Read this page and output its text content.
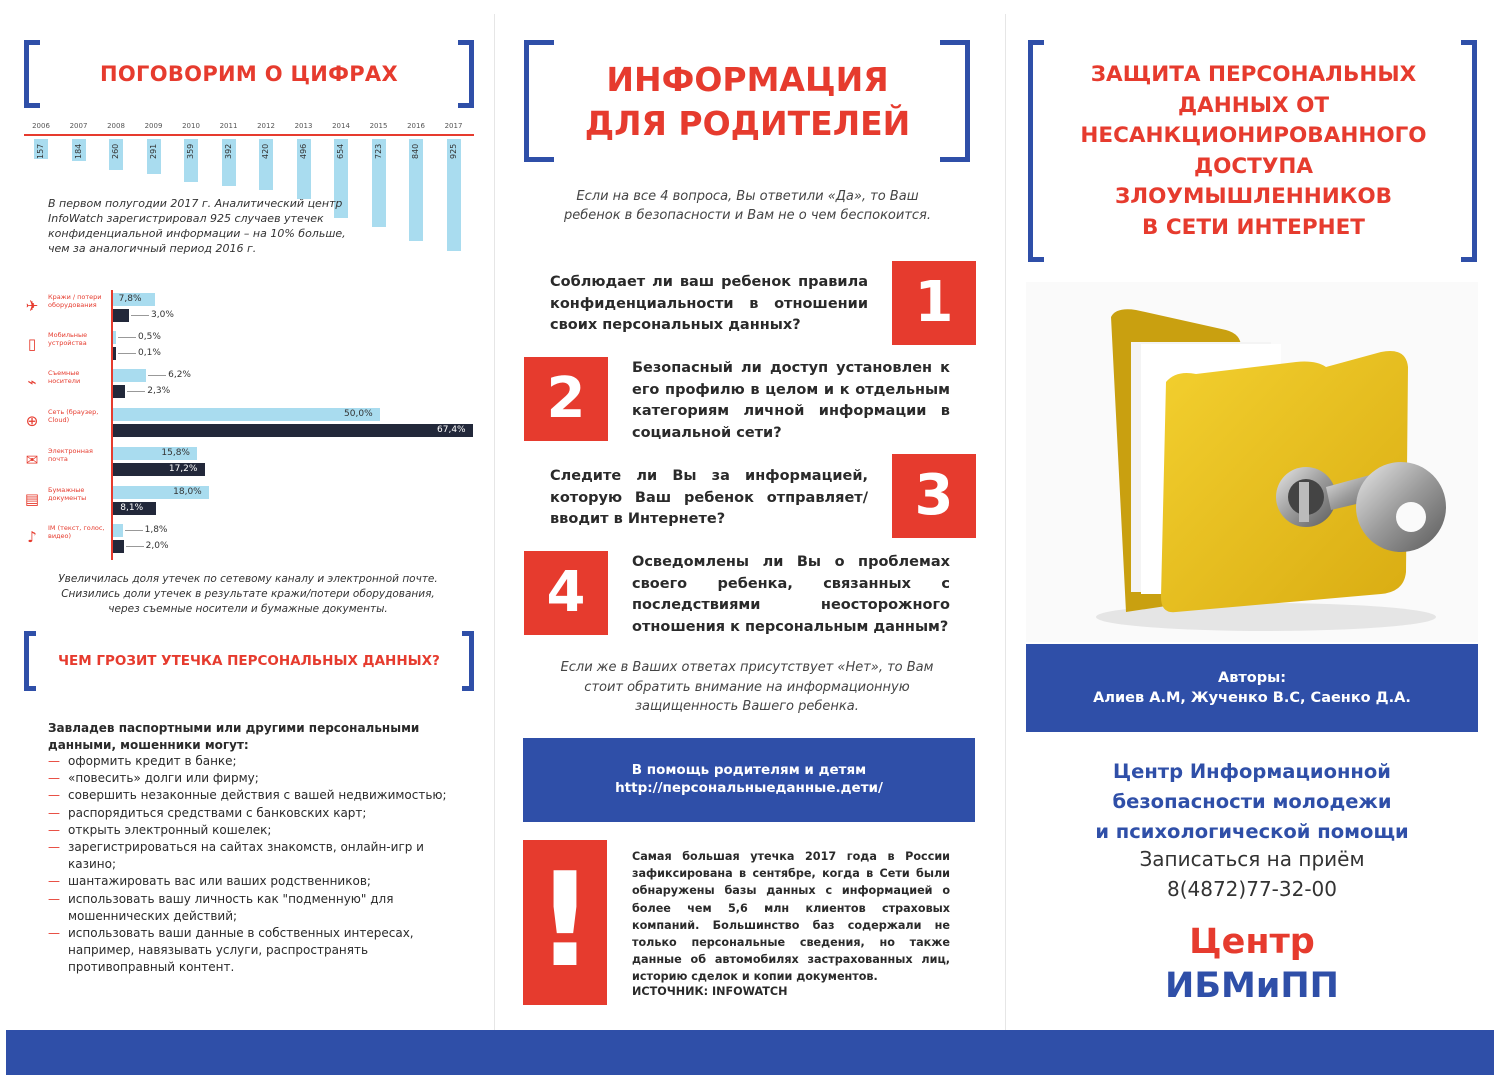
ПОГОВОРИМ О ЦИФРАХ
2006
157
2007
184
2008
260
2009
291
2010
359
2011
392
2012
420
2013
496
2014
654
2015
723
2016
840
2017
925
В первом полугодии 2017 г. Аналитический центр InfoWatch зарегистрировал 925 случаев утечек конфиденциальной информации – на 10% больше, чем за аналогичный период 2016 г.
✈	Кражи / потери оборудования
7,8%
3,0%
▯	Мобильные устройства
0,5%
0,1%
⌁	Съемные носители
6,2%
2,3%
⊕	Сеть (браузер, Cloud)
50,0%
67,4%
✉	Электронная почта
15,8%
17,2%
▤	Бумажные документы
18,0%
8,1%
♪	IM (текст, голос, видео)
1,8%
2,0%
Увеличилась доля утечек по сетевому каналу и электронной почте. Снизились доли утечек в результате кражи/потери оборудования, через съемные носители и бумажные документы.
ЧЕМ ГРОЗИТ УТЕЧКА ПЕРСОНАЛЬНЫХ ДАННЫХ?
Завладев паспортными или другими персональными данными, мошенники могут:
— оформить кредит в банке;
— «повесить» долги или фирму;
— совершить незаконные действия с вашей недвижимостью;
— распорядиться средствами с банковских карт;
— открыть электронный кошелек;
— зарегистрироваться на сайтах знакомств, онлайн-игр и казино;
— шантажировать вас или ваших родственников;
— использовать вашу личность как "подменную" для мошеннических действий;
— использовать ваши данные в собственных интересах, например, навязывать услуги, распространять противоправный контент.
ИНФОРМАЦИЯ
ДЛЯ РОДИТЕЛЕЙ
Если на все 4 вопроса, Вы ответили «Да», то Ваш ребенок в безопасности и Вам не о чем беспокоится.
Соблюдает ли ваш ребенок правила конфиденциальности в отношении своих персональных данных?	1
2	Безопасный ли доступ установлен к его профилю в целом и к отдельным категориям личной информации в социальной сети?
Следите ли Вы за информацией, которую Ваш ребенок отправляет/вводит в Интернете?	3
4	Осведомлены ли Вы о проблемах своего ребенка, связанных с последствиями неосторожного отношения к персональным данным?
Если же в Ваших ответах присутствует «Нет», то Вам стоит обратить внимание на информационную защищенность Вашего ребенка.
В помощь родителям и детям
http://персональныеданные.дети/
!	Самая большая утечка 2017 года в России зафиксирована в сентябре, когда в Сети были обнаружены базы данных с информацией о более чем 5,6 млн клиентов страховых компаний. Большинство баз содержали не только персональные сведения, но также данные об автомобилях застрахованных лиц, историю сделок и копии документов.
ИСТОЧНИК: INFOWATCH
ЗАЩИТА ПЕРСОНАЛЬНЫХ
ДАННЫХ ОТ
НЕСАНКЦИОНИРОВАННОГО
ДОСТУПА
ЗЛОУМЫШЛЕННИКОВ
В СЕТИ ИНТЕРНЕТ
Авторы:
Алиев А.М, Жученко В.С, Саенко Д.А.
Центр Информационной
безопасности молодежи
и психологической помощи
Записаться на приём
8(4872)77-32-00
Центр
ИБМиПП
